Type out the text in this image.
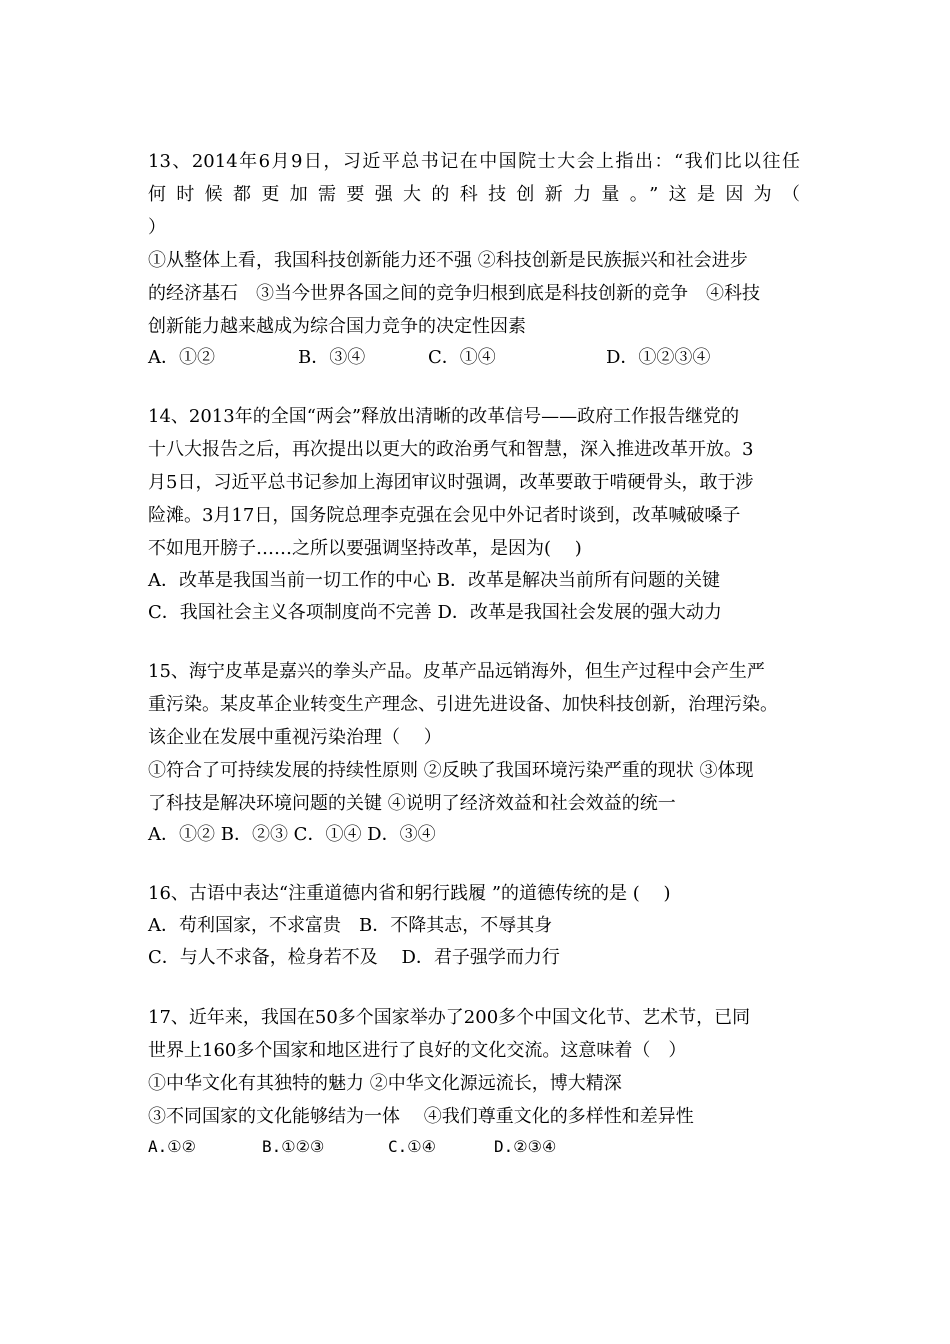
13、2014年6月9日，习近平总书记在中国院士大会上指出：“我们比以往任
何时候都更加需要强大的科技创新力量。”这是因为（
）
①从整体上看，我国科技创新能力还不强 ②科技创新是民族振兴和社会进步
的经济基石　③当今世界各国之间的竞争归根到底是科技创新的竞争　④科技
创新能力越来越成为综合国力竞争的决定性因素
A．①②	B．③④	C．①④	D．①②③④
14、2013年的全国“两会”释放出清晰的改革信号——政府工作报告继党的
十八大报告之后，再次提出以更大的政治勇气和智慧，深入推进改革开放。3
月5日，习近平总书记参加上海团审议时强调，改革要敢于啃硬骨头，敢于涉
险滩。3月17日，国务院总理李克强在会见中外记者时谈到，改革喊破嗓子
不如甩开膀子……之所以要强调坚持改革，是因为(　 )
A．改革是我国当前一切工作的中心 B．改革是解决当前所有问题的关键
C．我国社会主义各项制度尚不完善 D．改革是我国社会发展的强大动力
15、海宁皮革是嘉兴的拳头产品。皮革产品远销海外，但生产过程中会产生严
重污染。某皮革企业转变生产理念、引进先进设备、加快科技创新，治理污染。
该企业在发展中重视污染治理（　 ）
①符合了可持续发展的持续性原则 ②反映了我国环境污染严重的现状 ③体现
了科技是解决环境问题的关键 ④说明了经济效益和社会效益的统一
A．①② B．②③ C．①④ D．③④
16、古语中表达“注重道德内省和躬行践履 ”的道德传统的是 (　 )
A．苟利国家，不求富贵　B．不降其志，不辱其身
C．与人不求备，检身若不及　 D．君子强学而力行
17、近年来，我国在50多个国家举办了200多个中国文化节、艺术节，已同
世界上160多个国家和地区进行了良好的文化交流。这意味着（　）
①中华文化有其独特的魅力 ②中华文化源远流长，博大精深
③不同国家的文化能够结为一体　 ④我们尊重文化的多样性和差异性
A.①②	B.①②③	C.①④	D.②③④
